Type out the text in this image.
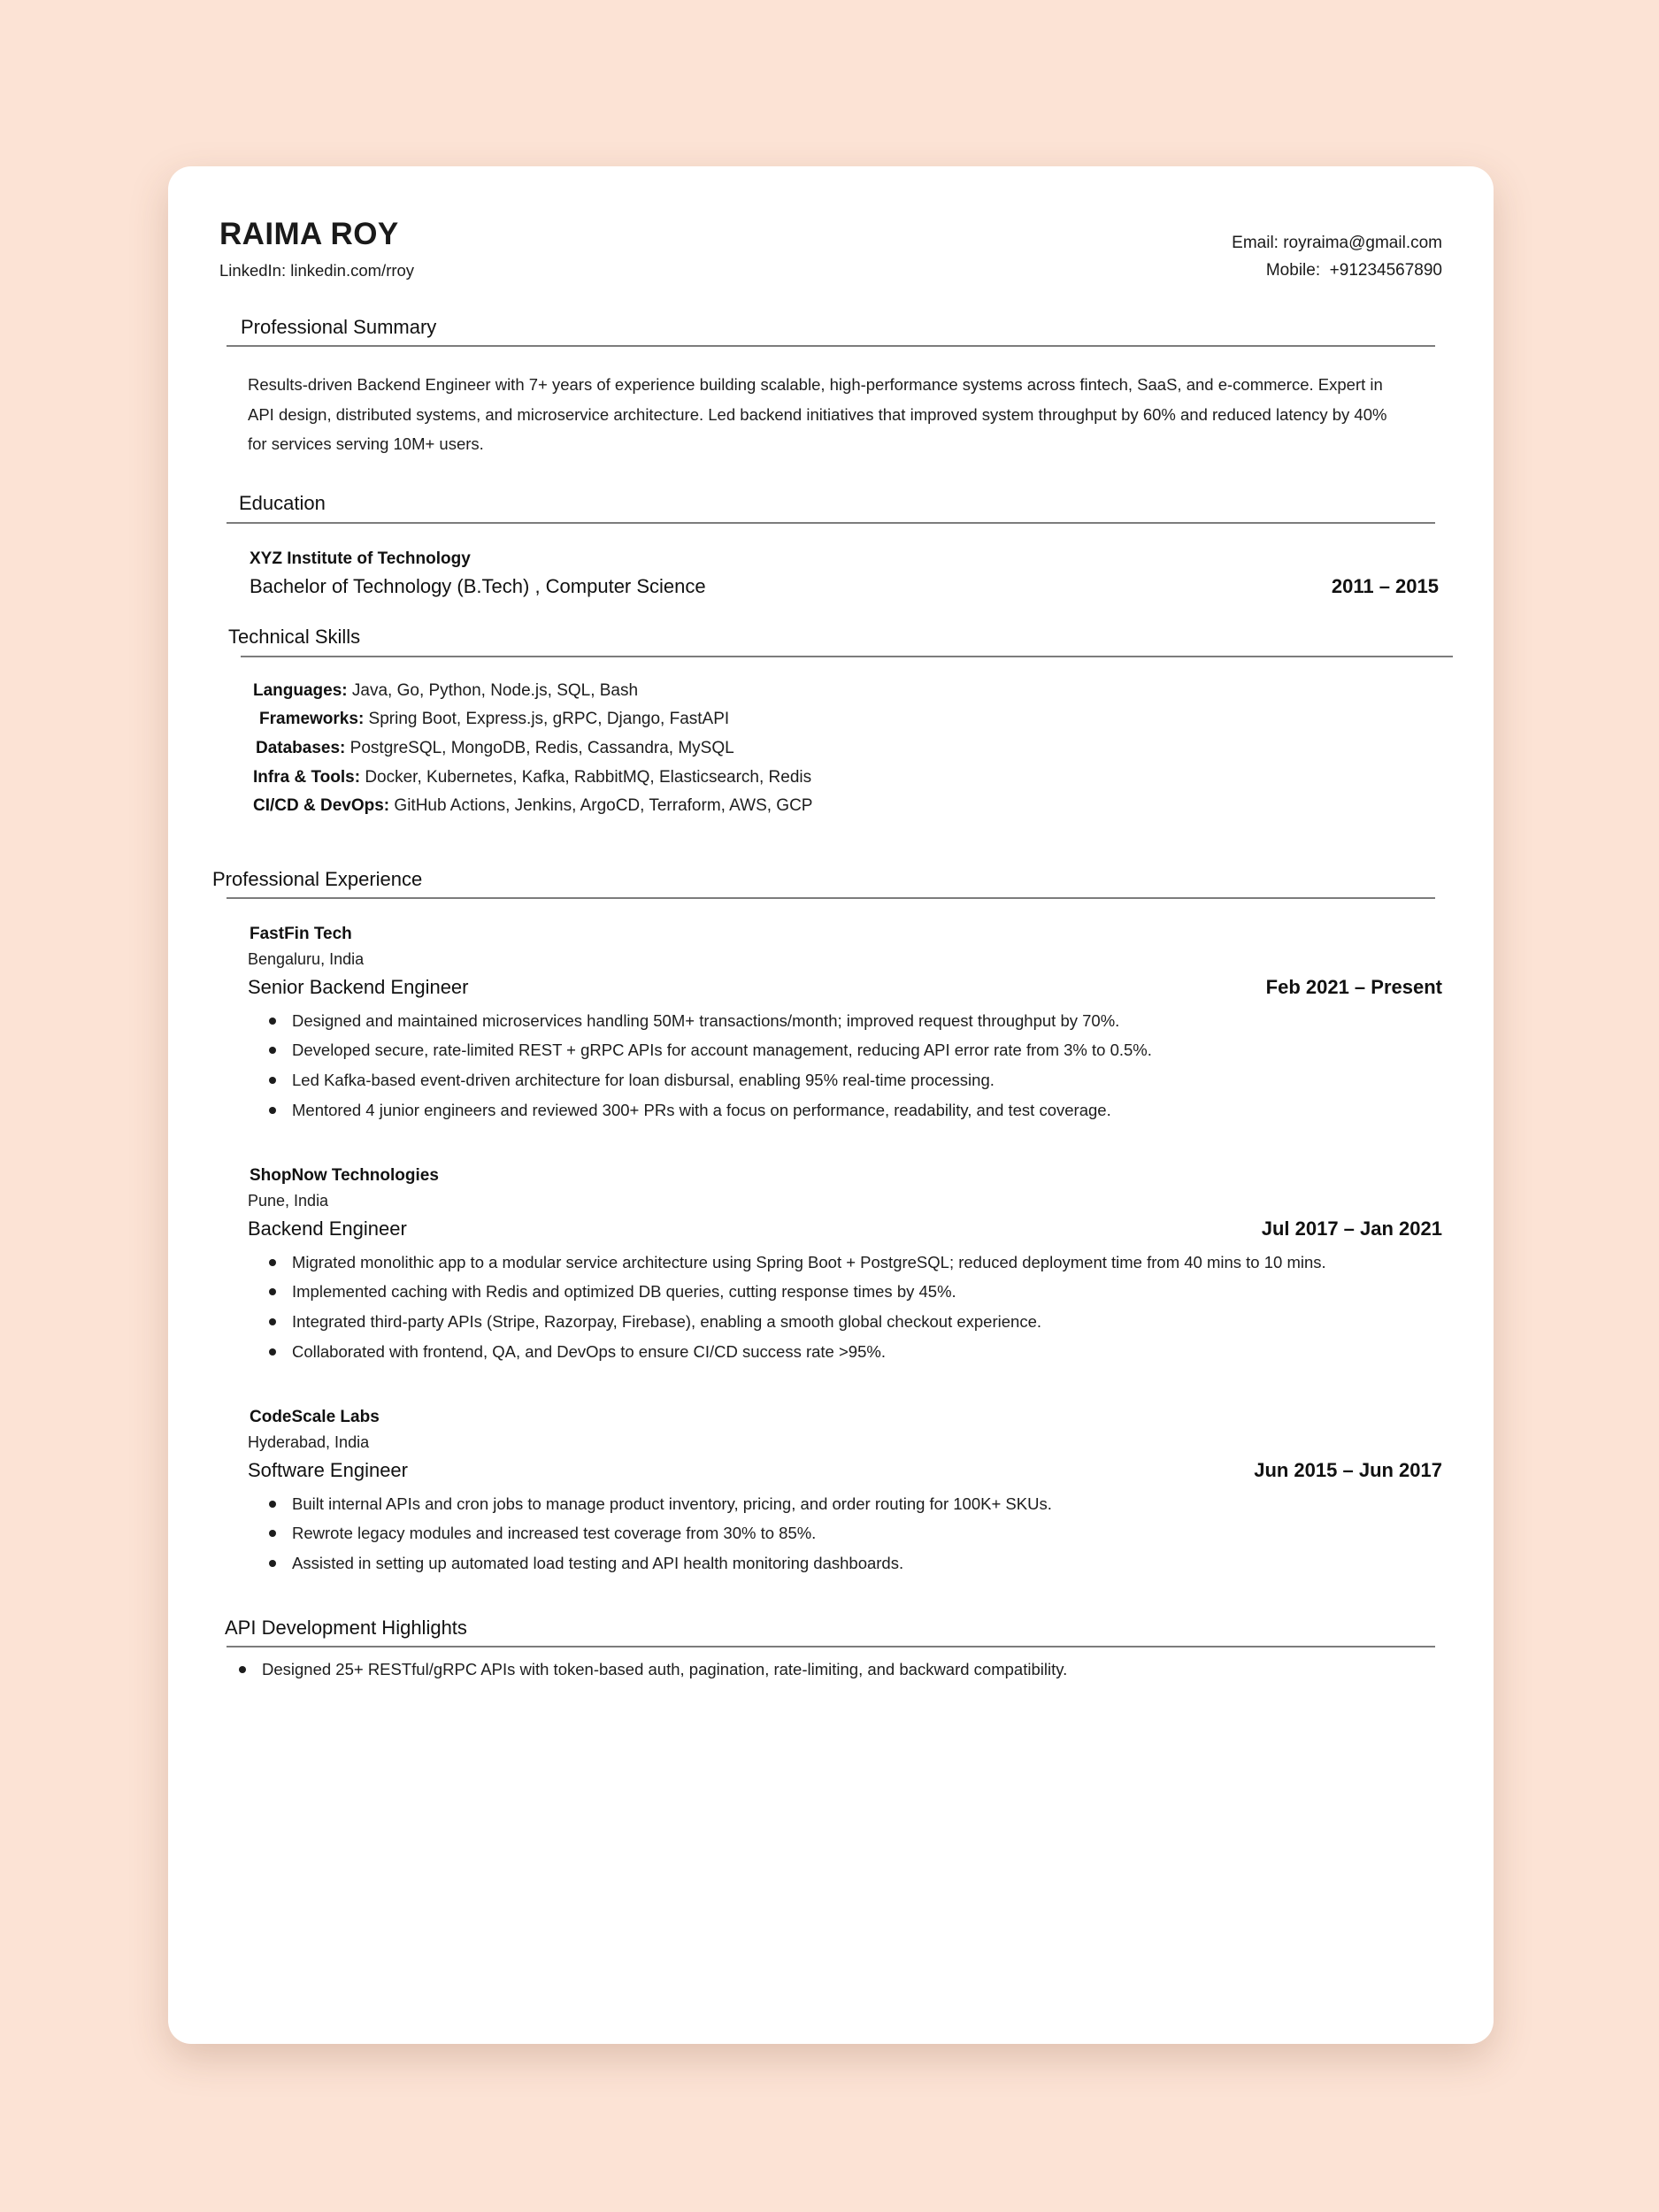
RAIMA ROY
LinkedIn: linkedin.com/rroy
Email: royraima@gmail.com
Mobile:  +91234567890
Professional Summary
Results-driven Backend Engineer with 7+ years of experience building scalable, high-performance systems across fintech, SaaS, and e-commerce. Expert in API design, distributed systems, and microservice architecture. Led backend initiatives that improved system throughput by 60% and reduced latency by 40% for services serving 10M+ users.
Education
XYZ Institute of Technology
Bachelor of Technology (B.Tech) , Computer Science	2011 – 2015
Technical Skills
Languages: Java, Go, Python, Node.js, SQL, Bash
Frameworks: Spring Boot, Express.js, gRPC, Django, FastAPI
Databases: PostgreSQL, MongoDB, Redis, Cassandra, MySQL
Infra & Tools: Docker, Kubernetes, Kafka, RabbitMQ, Elasticsearch, Redis
CI/CD & DevOps: GitHub Actions, Jenkins, ArgoCD, Terraform, AWS, GCP
Professional Experience
FastFin Tech
Bengaluru, India
Senior Backend Engineer	Feb 2021 – Present
Designed and maintained microservices handling 50M+ transactions/month; improved request throughput by 70%.
Developed secure, rate-limited REST + gRPC APIs for account management, reducing API error rate from 3% to 0.5%.
Led Kafka-based event-driven architecture for loan disbursal, enabling 95% real-time processing.
Mentored 4 junior engineers and reviewed 300+ PRs with a focus on performance, readability, and test coverage.
ShopNow Technologies
Pune, India
Backend Engineer	Jul 2017 – Jan 2021
Migrated monolithic app to a modular service architecture using Spring Boot + PostgreSQL; reduced deployment time from 40 mins to 10 mins.
Implemented caching with Redis and optimized DB queries, cutting response times by 45%.
Integrated third-party APIs (Stripe, Razorpay, Firebase), enabling a smooth global checkout experience.
Collaborated with frontend, QA, and DevOps to ensure CI/CD success rate >95%.
CodeScale Labs
Hyderabad, India
Software Engineer	Jun 2015 – Jun 2017
Built internal APIs and cron jobs to manage product inventory, pricing, and order routing for 100K+ SKUs.
Rewrote legacy modules and increased test coverage from 30% to 85%.
Assisted in setting up automated load testing and API health monitoring dashboards.
API Development Highlights
Designed 25+ RESTful/gRPC APIs with token-based auth, pagination, rate-limiting, and backward compatibility.
